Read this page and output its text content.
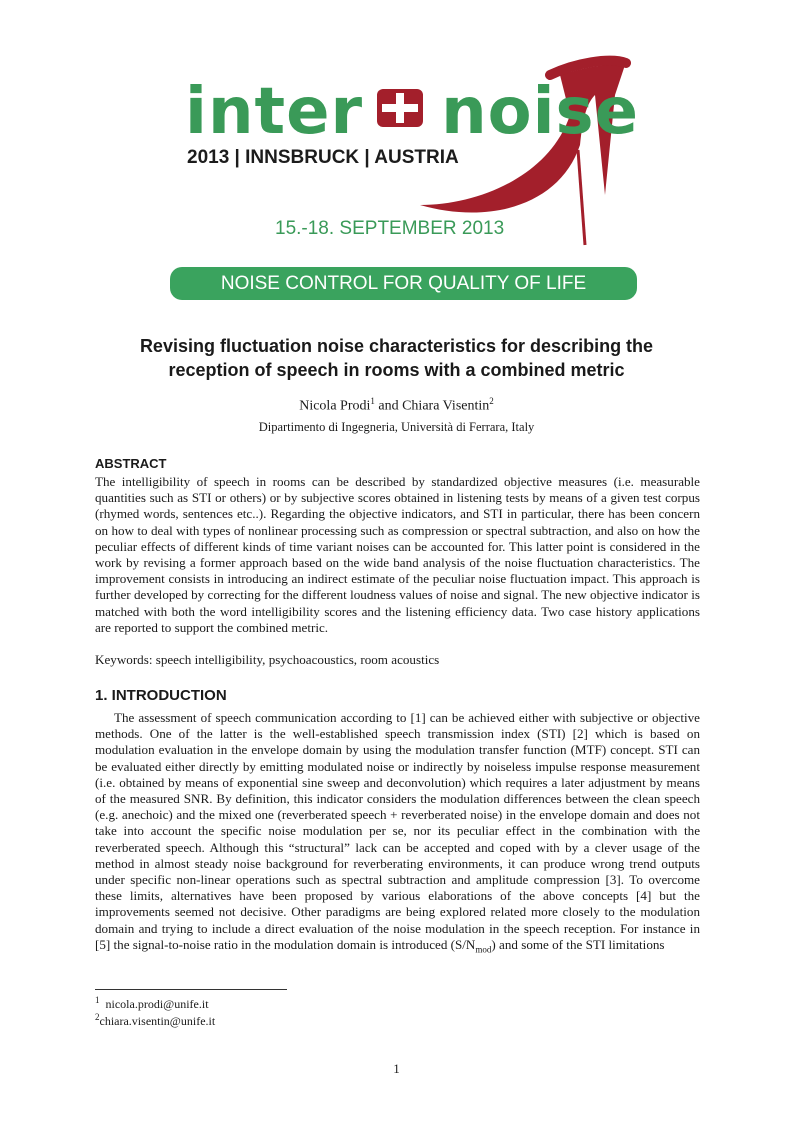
inter noise
2013 | INNSBRUCK | AUSTRIA
15.-18. SEPTEMBER 2013
NOISE CONTROL FOR QUALITY OF LIFE
Revising fluctuation noise characteristics for describing the
reception of speech in rooms with a combined metric
Nicola Prodi$^1$ and Chiara Visentin$^2$
Dipartimento di Ingegneria, Università di Ferrara, Italy
ABSTRACT
The intelligibility of speech in rooms can be described by standardized objective measures (i.e. measurable quantities such as STI or others) or by subjective scores obtained in listening tests by means of a given test corpus (rhymed words, sentences etc..). Regarding the objective indicators, and STI in particular, there has been concern on how to deal with types of nonlinear processing such as compression or spectral subtraction, and also on how the peculiar effects of different kinds of time variant noises can be accounted for. This latter point is considered in the work by revising a former approach based on the wide band analysis of the noise fluctuation characteristics. The improvement consists in introducing an indirect estimate of the peculiar noise fluctuation impact. This approach is further developed by correcting for the different loudness values of noise and signal. The new objective indicator is matched with both the word intelligibility scores and the listening efficiency data. Two case history applications are reported to support the combined metric.
Keywords: speech intelligibility, psychoacoustics, room acoustics
1. INTRODUCTION
The assessment of speech communication according to [1] can be achieved either with subjective or objective methods. One of the latter is the well-established speech transmission index (STI) [2] which is based on modulation evaluation in the envelope domain by using the modulation transfer function (MTF) concept. STI can be evaluated either directly by emitting modulated noise or indirectly by noiseless impulse response measurement (i.e. obtained by means of exponential sine sweep and deconvolution) which requires a later adjustment by means of the measured SNR. By definition, this indicator considers the modulation differences between the clean speech (e.g. anechoic) and the mixed one (reverberated speech + reverberated noise) in the envelope domain and does not take into account the specific noise modulation per se, nor its peculiar effect in the combination with the reverberated speech. Although this “structural” lack can be accepted and coped with by a clever usage of the method in almost steady noise background for reverberating environments, it can produce wrong trend outputs under specific non-linear operations such as spectral subtraction and amplitude compression [3]. To overcome these limits, alternatives have been proposed by various elaborations of the above concepts [4] but the improvements seemed not decisive. Other paradigms are being explored related more closely to the modulation domain and trying to include a direct evaluation of the noise modulation in the speech reception. For instance in [5] the signal-to-noise ratio in the modulation domain is introduced $(S/N_{mod})$ and some of the STI limitations
$^1$ nicola.prodi@unife.it
$^2$chiara.visentin@unife.it
1
